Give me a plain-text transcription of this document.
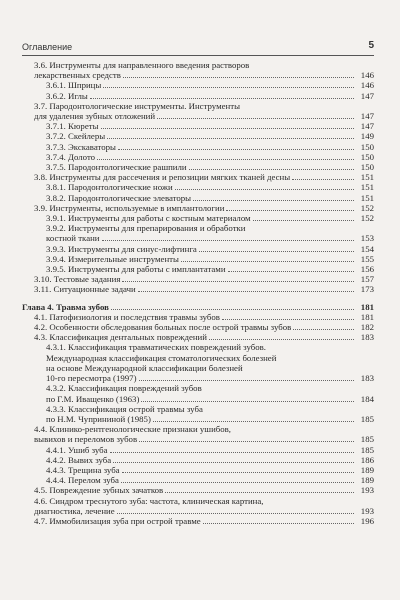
Оглавление	5
3.6. Инструменты для направленного введения растворов
лекарственных средств	146
3.6.1. Шприцы	146
3.6.2. Иглы	147
3.7. Пародонтологические инструменты. Инструменты
для удаления зубных отложений	147
3.7.1. Кюреты	147
3.7.2. Скейлеры	149
3.7.3. Экскаваторы	150
3.7.4. Долото	150
3.7.5. Пародонтологические рашпили	150
3.8. Инструменты для рассечения и репозиции мягких тканей десны	151
3.8.1. Пародонтологические ножи	151
3.8.2. Пародонтологические элеваторы	151
3.9. Инструменты, используемые в имплантологии	152
3.9.1. Инструменты для работы с костным материалом	152
3.9.2. Инструменты для препарирования и обработки
костной ткани	153
3.9.3. Инструменты для синус-лифтинга	154
3.9.4. Измерительные инструменты	155
3.9.5. Инструменты для работы с имплантатами	156
3.10. Тестовые задания	157
3.11. Ситуационные задачи	173
Глава 4. Травма зубов	181
4.1. Патофизиология и последствия травмы зубов	181
4.2. Особенности обследования больных после острой травмы зубов	182
4.3. Классификация дентальных повреждений	183
4.3.1. Классификация травматических повреждений зубов.
Международная классификация стоматологических болезней
на основе Международной классификации болезней
10-го пересмотра (1997)	183
4.3.2. Классификация повреждений зубов
по Г.М. Иващенко (1963)	184
4.3.3. Классификация острой травмы зуба
по Н.М. Чуприниной (1985)	185
4.4. Клинико-рентгенологические признаки ушибов,
вывихов и переломов зубов	185
4.4.1. Ушиб зуба	185
4.4.2. Вывих зуба	186
4.4.3. Трещина зуба	189
4.4.4. Перелом зуба	189
4.5. Повреждение зубных зачатков	193
4.6. Синдром треснутого зуба: частота, клиническая картина,
диагностика, лечение	193
4.7. Иммобилизация зуба при острой травме	196
